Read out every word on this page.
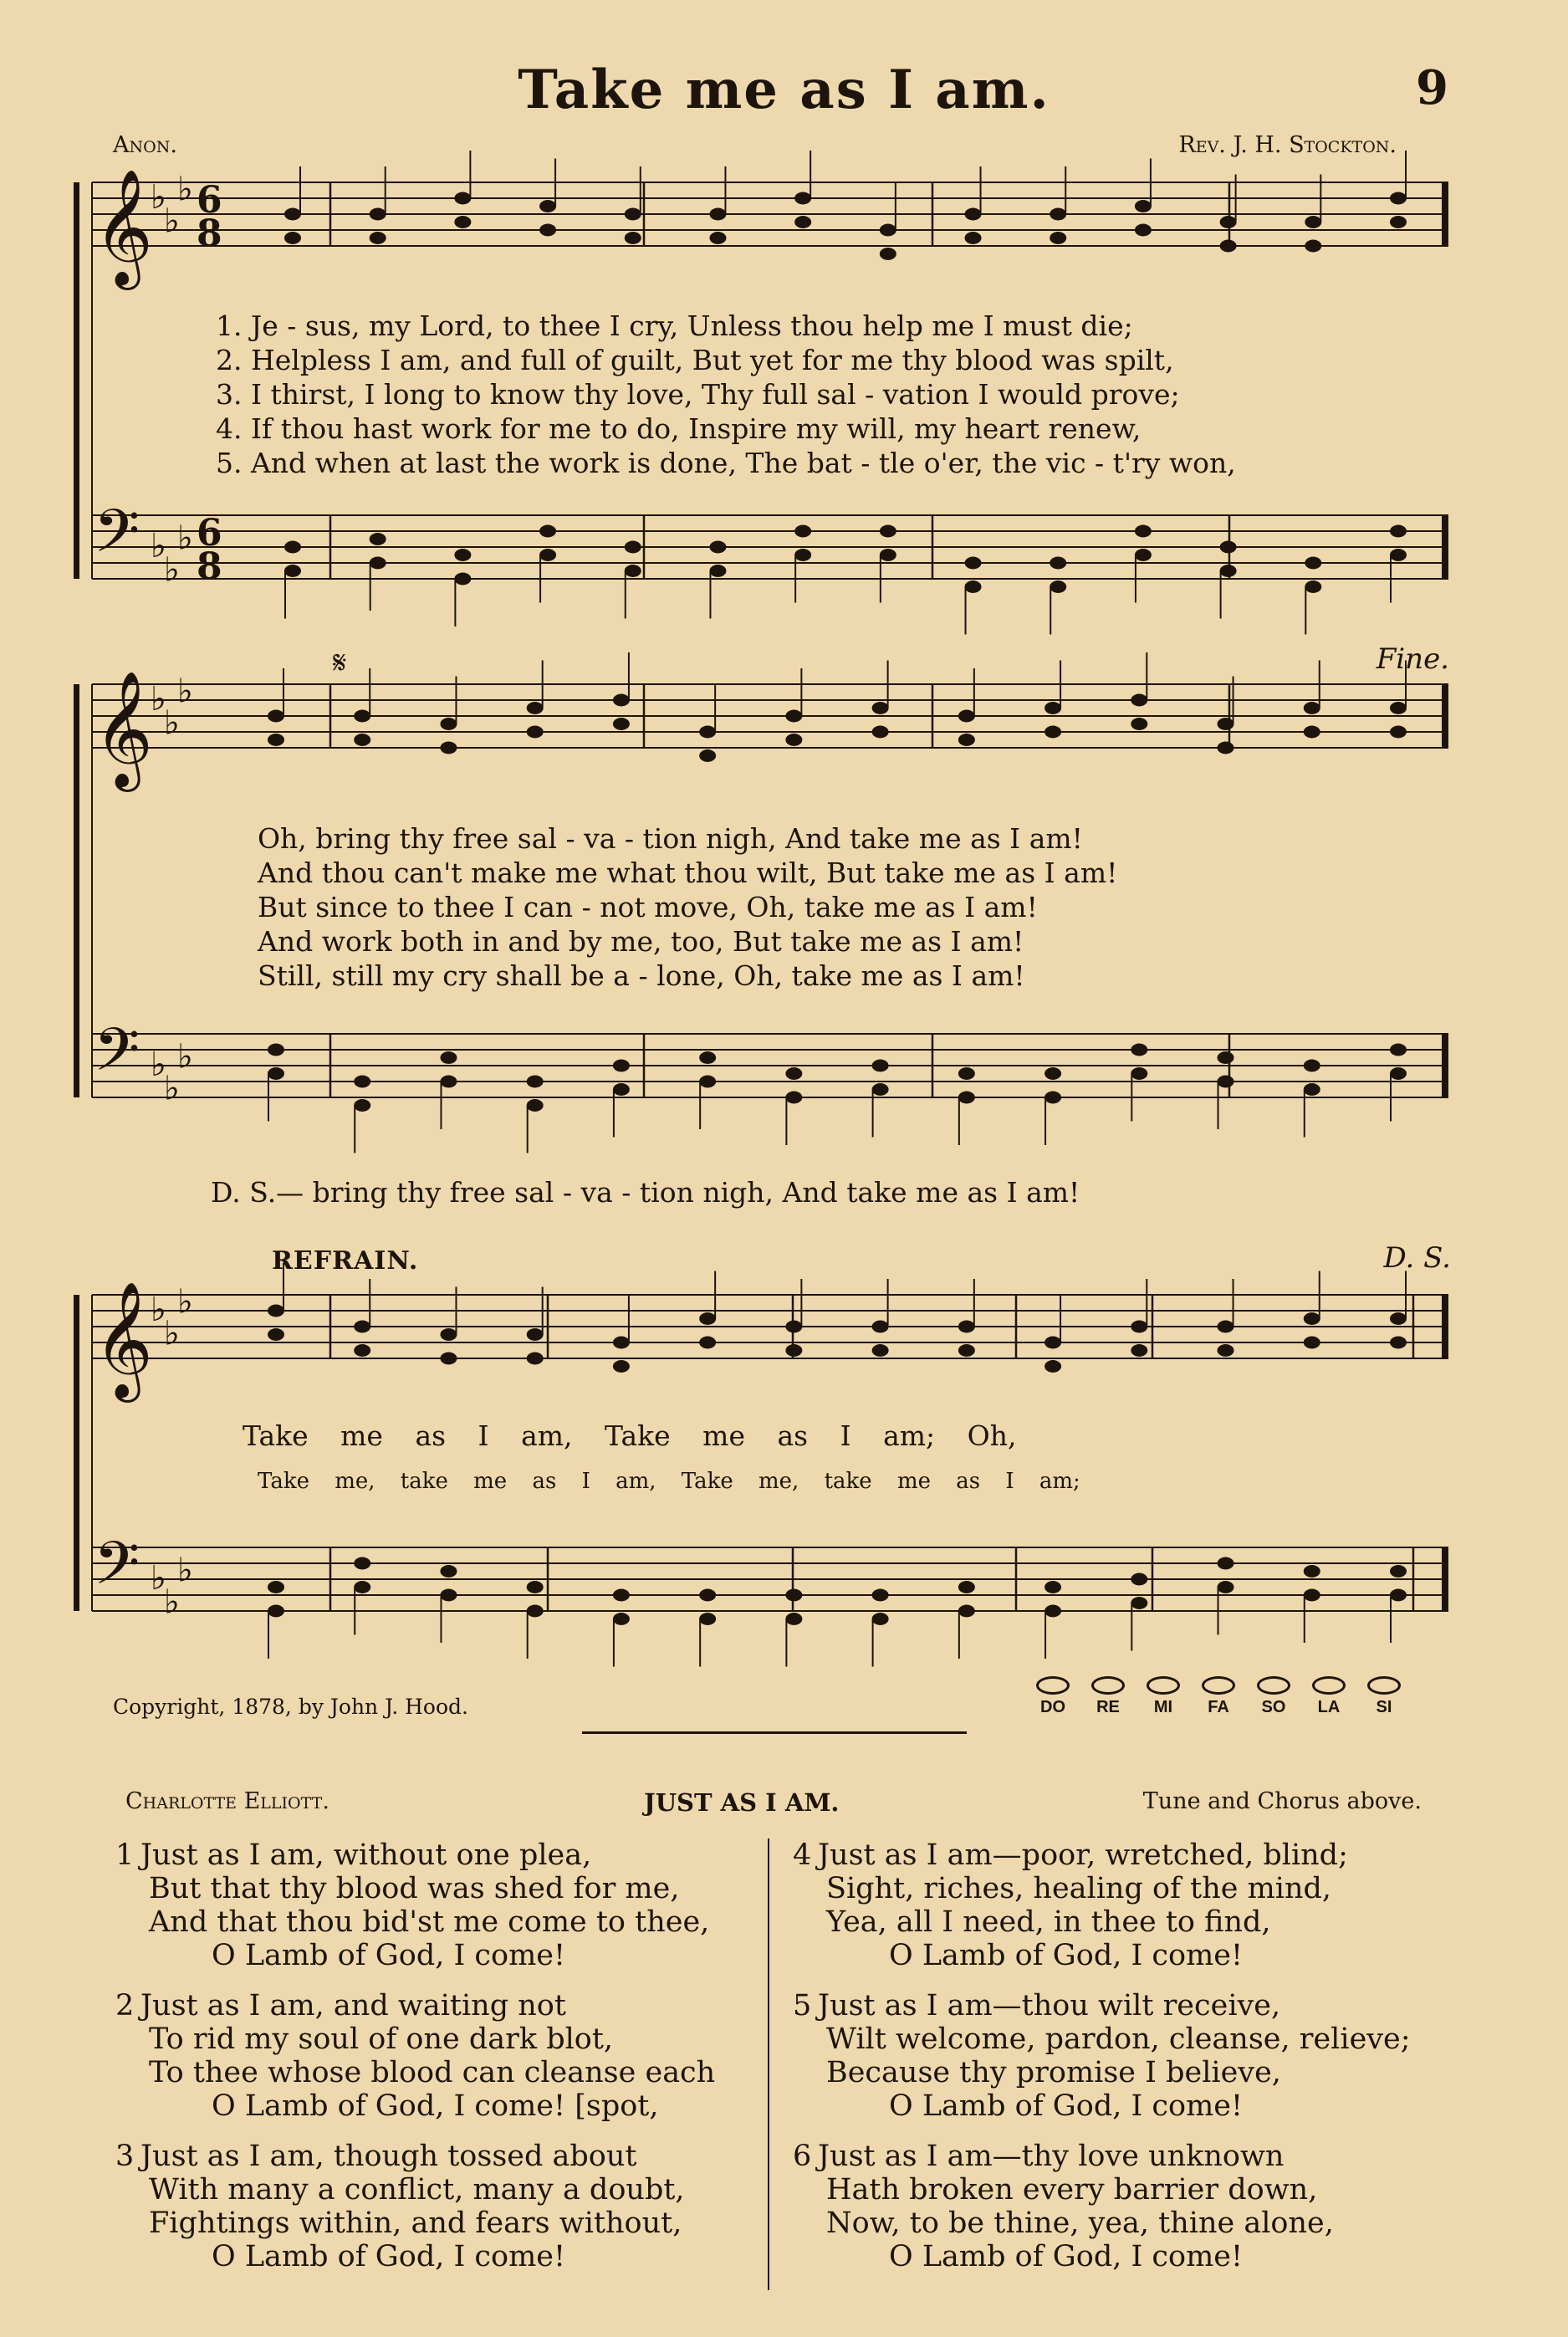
Take me as I am.	9
Anon.	Rev. J. H. Stockton.
𝄞
♭
♭
♭ 6
8
𝄢 ♭
♭
♭ 6
8
𝄞
♭
♭
♭
𝄢 ♭
♭
♭
𝄞
♭
♭
♭
𝄢 ♭
♭
♭
1. Je - sus, my Lord, to thee I cry, Unless thou help me I must die;
2. Helpless I am, and full of guilt, But yet for me thy blood was spilt,
3. I thirst, I long to know thy love, Thy full sal - vation I would prove;
4. If thou hast work for me to do, Inspire my will, my heart renew,
5. And when at last the work is done, The bat - tle o'er, the vic - t'ry won,
𝄋	Fine.
Oh, bring thy free sal - va - tion nigh, And take me as I am!
And thou can't make me what thou wilt, But take me as I am!
But since to thee I can - not move, Oh, take me as I am!
And work both in and by me, too, But take me as I am!
Still, still my cry shall be a - lone, Oh, take me as I am!
D. S.— bring thy free sal - va - tion nigh, And take me as I am!
REFRAIN.	D. S.
Take me as I am, Take me as I am; Oh,
Take me, take me as I am, Take me, take me as I am;
Copyright, 1878, by John J. Hood.	DO	RE	MI	FA	SO	LA	SI
Charlotte Elliott.	JUST AS I AM.	Tune and Chorus above.
1 Just as I am, without one plea,
But that thy blood was shed for me,
And that thou bid'st me come to thee,
O Lamb of God, I come!
2 Just as I am, and waiting not
To rid my soul of one dark blot,
To thee whose blood can cleanse each
O Lamb of God, I come! [spot,
3 Just as I am, though tossed about
With many a conflict, many a doubt,
Fightings within, and fears without,
O Lamb of God, I come!
4 Just as I am—poor, wretched, blind;
Sight, riches, healing of the mind,
Yea, all I need, in thee to find,
O Lamb of God, I come!
5 Just as I am—thou wilt receive,
Wilt welcome, pardon, cleanse, relieve;
Because thy promise I believe,
O Lamb of God, I come!
6 Just as I am—thy love unknown
Hath broken every barrier down,
Now, to be thine, yea, thine alone,
O Lamb of God, I come!
